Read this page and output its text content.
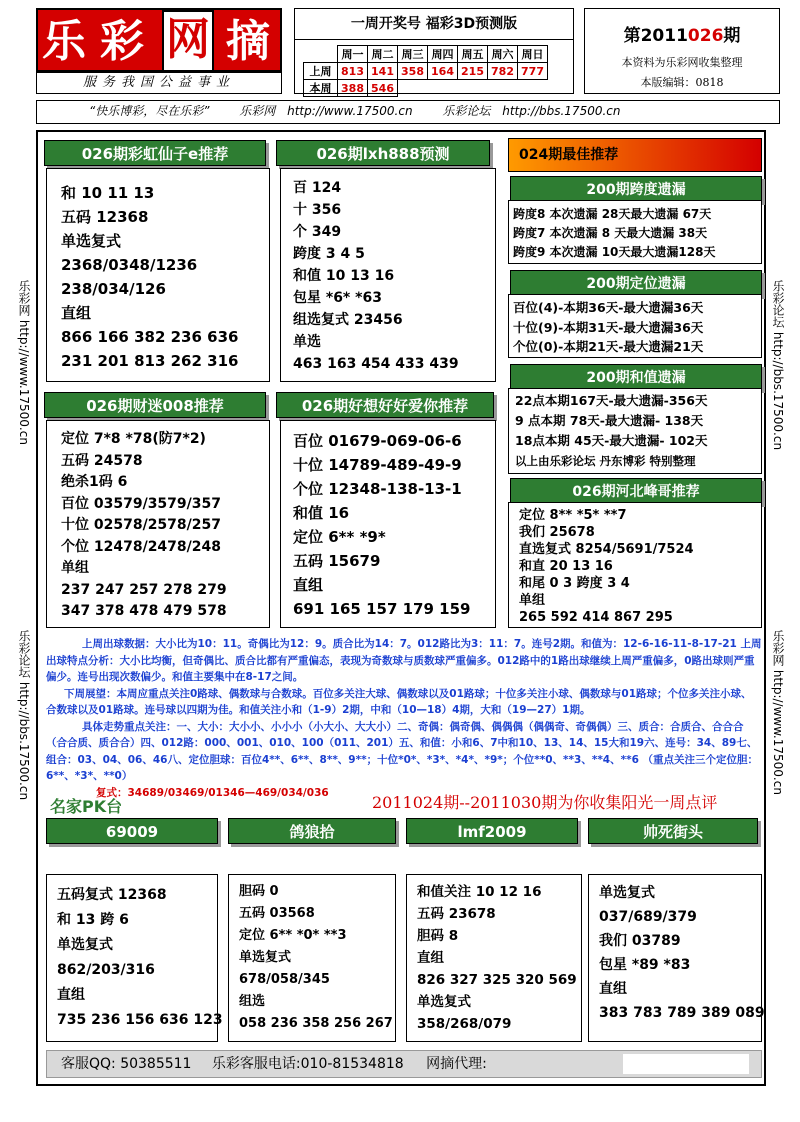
乐 彩 网 摘
服务我国公益事业
一周开奖号 福彩3D预测版
	周一	周二	周三	周四	周五	周六	周日
上周	813	141	358	164	215	782	777
本周	388	546					
第2011026期
本资料为乐彩网收集整理
本版编辑：0818
“快乐博彩，尽在乐彩” 乐彩网 http://www.17500.cn 乐彩论坛 http://bbs.17500.cn
乐彩网 http://www.17500.cn
乐彩论坛 http://bbs.17500.cn
乐彩论坛 http://bbs.17500.cn
乐彩网 http://www.17500.cn
026期彩虹仙子e推荐
和 10 11 13
五码 12368
单选复式
2368/0348/1236
238/034/126
直组
866 166 382 236 636
231 201 813 262 316
026期lxh888预测
百 124
十 356
个 349
跨度 3 4 5
和值 10 13 16
包星 *6* *63
组选复式 23456
单选
463 163 454 433 439
026期财迷008推荐
定位 7*8 *78(防7*2)
五码 24578
绝杀1码 6
百位 03579/3579/357
十位 02578/2578/257
个位 12478/2478/248
单组
237 247 257 278 279
347 378 478 479 578
026期好想好好爱你推荐
百位 01679-069-06-6
十位 14789-489-49-9
个位 12348-138-13-1
和值 16
定位 6** *9*
五码 15679
直组
691 165 157 179 159
024期最佳推荐
200期跨度遗漏
跨度8 本次遗漏 28天最大遗漏 67天
跨度7 本次遗漏 8 天最大遗漏 38天
跨度9 本次遗漏 10天最大遗漏128天
200期定位遗漏
百位(4)-本期36天-最大遗漏36天
十位(9)-本期31天-最大遗漏36天
个位(0)-本期21天-最大遗漏21天
200期和值遗漏
22点本期167天-最大遗漏-356天
9 点本期 78天-最大遗漏- 138天
18点本期 45天-最大遗漏- 102天
以上由乐彩论坛 丹东博彩 特别整理
026期河北峰哥推荐
定位 8** *5* **7
我们 25678
直选复式 8254/5691/7524
和直 20 13 16
和尾 0 3 跨度 3 4
单组
265 592 414 867 295
上周出球数据：大小比为10：11。奇偶比为12：9。质合比为14：7。012路比为3：11：7。连号2期。和值为：12-6-16-11-8-17-21 上周出球特点分析：大小比均衡，但奇偶比、质合比都有严重偏态，表现为奇数球与质数球严重偏多。012路中的1路出球继续上周严重偏多，0路出球则严重偏少。连号出现次数偏少。和值主要集中在8-17之间。
下周展望：本周应重点关注0路球、偶数球与合数球。百位多关注大球、偶数球以及01路球；十位多关注小球、偶数球与01路球；个位多关注小球、合数球以及01路球。连号球以四期为佳。和值关注小和（1-9）2期，中和（10—18）4期，大和（19—27）1期。
具体走势重点关注：一、大小：大小小、小小小（小大小、大大小）二、奇偶：偶奇偶、偶偶偶（偶偶奇、奇偶偶）三、质合：合质合、合合合（合合质、质合合）四、012路：000、001、010、100（011、201）五、和值：小和6、7中和10、13、14、15大和19六、连号：34、89七、组合：03、04、06、46八、定位胆球：百位4**、6**、8**、9**；十位*0*、*3*、*4*、*9*；个位**0、**3、**4、**6 （重点关注三个定位胆：6**、*3*、**0）
复式：34689/03469/01346—469/034/036
名家PK台	2011024期--2011030期为你收集阳光一周点评
69009
五码复式 12368
和 13 跨 6
单选复式
862/203/316
直组
735 236 156 636 123
鸽狼拾
胆码 0
五码 03568
定位 6** *0* **3
单选复式
678/058/345
组选
058 236 358 256 267
lmf2009
和值关注 10 12 16
五码 23678
胆码 8
直组
826 327 325 320 569
单选复式
358/268/079
帅死街头
单选复式
037/689/379
我们 03789
包星 *89 *83
直组
383 783 789 389 089
客服QQ: 50385511 乐彩客服电话:010-81534818 网摘代理:
